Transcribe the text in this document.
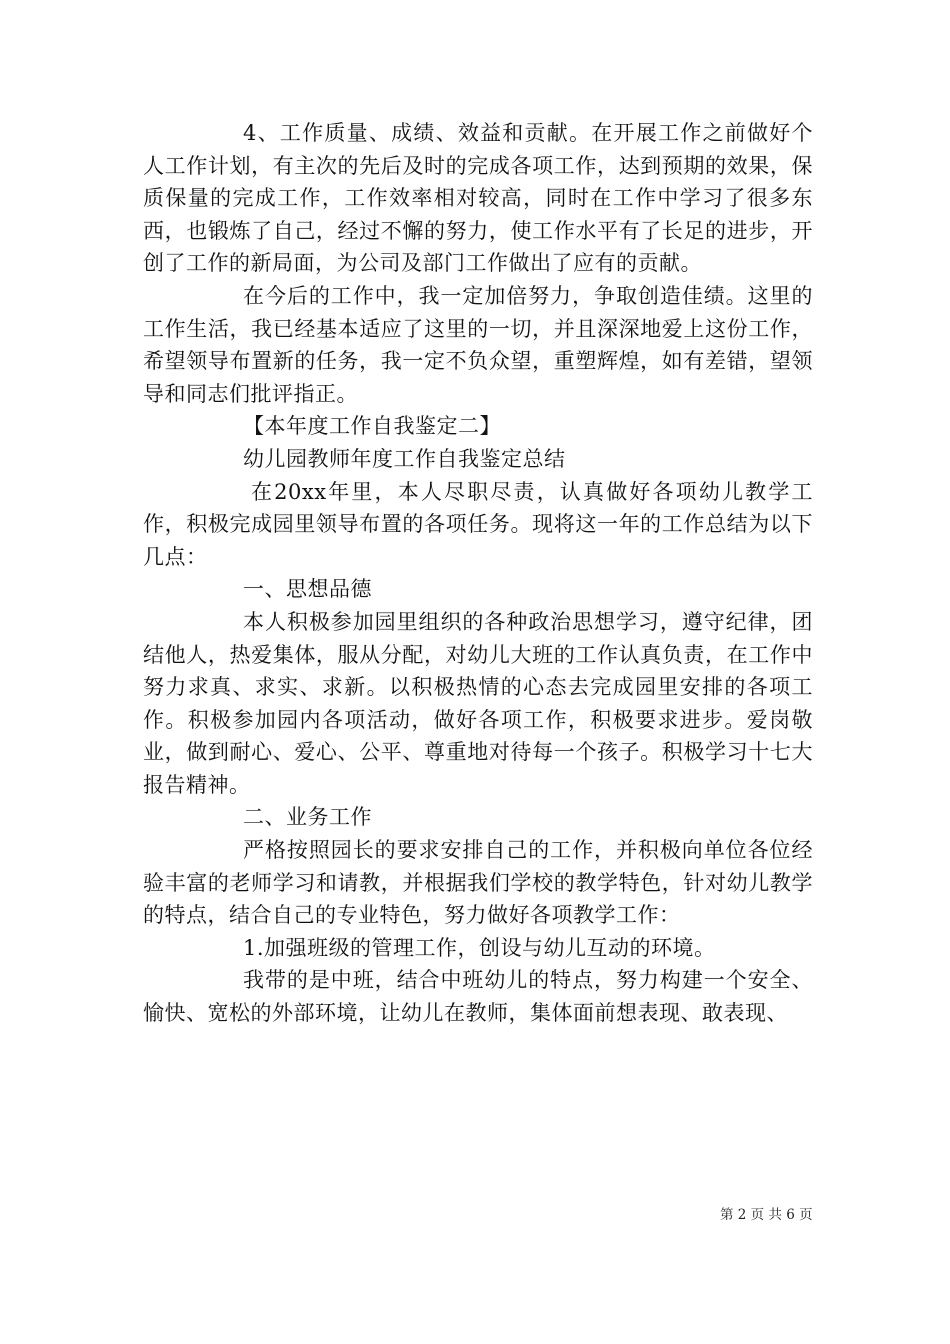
4、工作质量、成绩、效益和贡献。在开展工作之前做好个人工作计划，有主次的先后及时的完成各项工作，达到预期的效果，保质保量的完成工作，工作效率相对较高，同时在工作中学习了很多东西，也锻炼了自己，经过不懈的努力，使工作水平有了长足的进步，开创了工作的新局面，为公司及部门工作做出了应有的贡献。

在今后的工作中，我一定加倍努力，争取创造佳绩。这里的工作生活，我已经基本适应了这里的一切，并且深深地爱上这份工作，希望领导布置新的任务，我一定不负众望，重塑辉煌，如有差错，望领导和同志们批评指正。

【本年度工作自我鉴定二】

幼儿园教师年度工作自我鉴定总结

在20xx年里，本人尽职尽责，认真做好各项幼儿教学工作，积极完成园里领导布置的各项任务。现将这一年的工作总结为以下几点：

一、思想品德

本人积极参加园里组织的各种政治思想学习，遵守纪律，团结他人，热爱集体，服从分配，对幼儿大班的工作认真负责，在工作中努力求真、求实、求新。以积极热情的心态去完成园里安排的各项工作。积极参加园内各项活动，做好各项工作，积极要求进步。爱岗敬业，做到耐心、爱心、公平、尊重地对待每一个孩子。积极学习十七大报告精神。

二、业务工作

严格按照园长的要求安排自己的工作，并积极向单位各位经验丰富的老师学习和请教，并根据我们学校的教学特色，针对幼儿教学的特点，结合自己的专业特色，努力做好各项教学工作：

1.加强班级的管理工作，创设与幼儿互动的环境。

我带的是中班，结合中班幼儿的特点，努力构建一个安全、愉快、宽松的外部环境，让幼儿在教师，集体面前想表现、敢表现、

第 2 页 共 6 页
